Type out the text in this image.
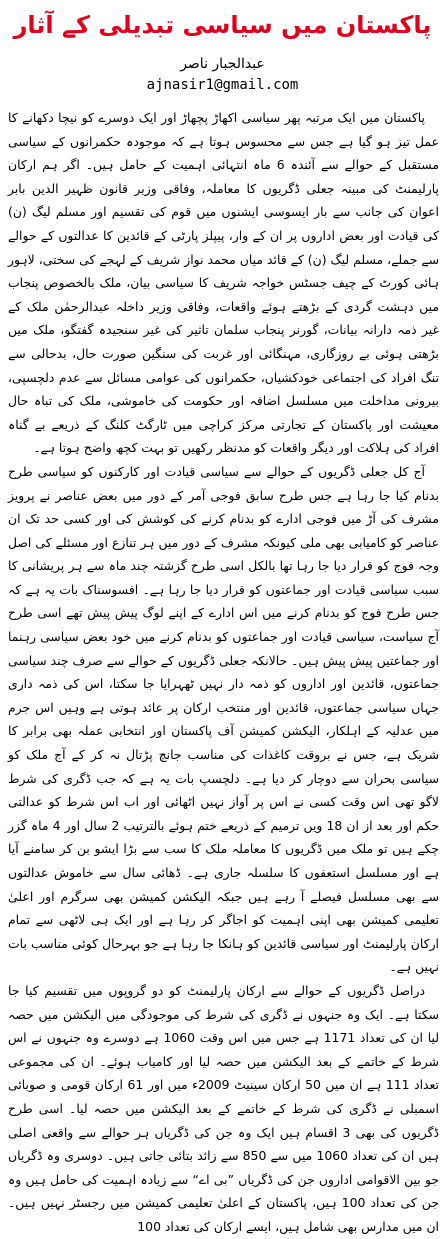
پاکستان میں سیاسی تبدیلی کے آثار
عبدالجبار ناصر
ajnasir1@gmail.com

پاکستان میں ایک مرتبہ پھر سیاسی اکھاڑ پچھاڑ اور ایک دوسرے کو نیچا دکھانے کا عمل تیز ہو گیا ہے جس سے محسوس ہوتا ہے کہ موجودہ حکمرانوں کے سیاسی مستقبل کے حوالے سے آئندہ 6 ماہ انتہائی اہمیت کے حامل ہیں۔ اگر ہم ارکان پارلیمنٹ کی مبینہ جعلی ڈگریوں کا معاملہ، وفاقی وزیر قانون ظہیر الدین بابر اعوان کی جانب سے بار ایسوسی ایشنوں میں قوم کی تقسیم اور مسلم لیگ (ن) کی قیادت اور بعض اداروں پر ان کے وار، پیپلز پارٹی کے قائدین کا عدالتوں کے حوالے سے جملے، مسلم لیگ (ن) کے قائد میاں محمد نواز شریف کے لہجے کی سختی، لاہور ہائی کورٹ کے چیف جسٹس خواجہ شریف کا سیاسی بیان، ملک بالخصوص پنجاب میں دہشت گردی کے بڑھتے ہوئے واقعات، وفاقی وزیر داخلہ عبدالرحمٰن ملک کے غیر ذمہ دارانہ بیانات، گورنر پنجاب سلمان تاثیر کی غیر سنجیدہ گفتگو، ملک میں بڑھتی ہوئی بے روزگاری، مہنگائی اور غربت کی سنگین صورت حال، بدحالی سے تنگ افراد کی اجتماعی خودکشیاں، حکمرانوں کی عوامی مسائل سے عدم دلچسپی، بیرونی مداخلت میں مسلسل اضافہ اور حکومت کی خاموشی، ملک کی تباہ حال معیشت اور پاکستان کے تجارتی مرکز کراچی میں ٹارگٹ کلنگ کے ذریعے بے گناہ افراد کی ہلاکت اور دیگر واقعات کو مدنظر رکھیں تو بہت کچھ واضح ہوتا ہے۔

آج کل جعلی ڈگریوں کے حوالے سے سیاسی قیادت اور کارکنوں کو سیاسی طرح بدنام کیا جا رہا ہے جس طرح سابق فوجی آمر کے دور میں بعض عناصر نے پرویز مشرف کی آڑ میں فوجی ادارے کو بدنام کرنے کی کوشش کی اور کسی حد تک ان عناصر کو کامیابی بھی ملی کیونکہ مشرف کے دور میں ہر تنازع اور مسئلے کی اصل وجہ فوج کو قرار دیا جا رہا تھا بالکل اسی طرح گزشتہ چند ماہ سے ہر پریشانی کا سبب سیاسی قیادت اور جماعتوں کو قرار دیا جا رہا ہے۔ افسوسناک بات یہ ہے کہ جس طرح فوج کو بدنام کرنے میں اس ادارے کے اپنے لوگ پیش پیش تھے اسی طرح آج سیاست، سیاسی قیادت اور جماعتوں کو بدنام کرنے میں خود بعض سیاسی رہنما اور جماعتیں پیش پیش ہیں۔ حالانکہ جعلی ڈگریوں کے حوالے سے صرف چند سیاسی جماعتوں، قائدین اور اداروں کو ذمہ دار نہیں ٹھہرایا جا سکتا، اس کی ذمہ داری جہاں سیاسی جماعتوں، قائدین اور منتخب ارکان پر عائد ہوتی ہے وہیں اس جرم میں عدلیہ کے اہلکار، الیکشن کمیشن آف پاکستان اور انتخابی عملہ بھی برابر کا شریک ہے، جس نے بروقت کاغذات کی مناسب جانچ پڑتال نہ کر کے آج ملک کو سیاسی بحران سے دوچار کر دیا ہے۔ دلچسپ بات یہ ہے کہ جب ڈگری کی شرط لاگو تھی اس وقت کسی نے اس پر آواز نہیں اٹھائی اور اب اس شرط کو عدالتی حکم اور بعد از ان 18 ویں ترمیم کے ذریعے ختم ہوئے بالترتیب 2 سال اور 4 ماہ گزر چکے ہیں تو ملک میں ڈگریوں کا معاملہ ملک کا سب سے بڑا ایشو بن کر سامنے آیا ہے اور مسلسل استعفوں کا سلسلہ جاری ہے۔ ڈھائی سال سے خاموش عدالتوں سے بھی مسلسل فیصلے آ رہے ہیں جبکہ الیکشن کمیشن بھی سرگرم اور اعلیٰ تعلیمی کمیشن بھی اپنی اہمیت کو اجاگر کر رہا ہے اور ایک ہی لاٹھی سے تمام ارکان پارلیمنٹ اور سیاسی قائدین کو ہانکا جا رہا ہے جو بہرحال کوئی مناسب بات نہیں ہے۔

دراصل ڈگریوں کے حوالے سے ارکان پارلیمنٹ کو دو گروپوں میں تقسیم کیا جا سکتا ہے۔ ایک وہ جنہوں نے ڈگری کی شرط کی موجودگی میں الیکشن میں حصہ لیا ان کی تعداد 1171 ہے جس میں اس وقت 1060 ہے دوسرے وہ جنہوں نے اس شرط کے خاتمے کے بعد الیکشن میں حصہ لیا اور کامیاب ہوئے۔ ان کی مجموعی تعداد 111 ہے ان میں 50 ارکان سینیٹ 2009ء میں اور 61 ارکان قومی و صوبائی اسمبلی نے ڈگری کی شرط کے خاتمے کے بعد الیکشن میں حصہ لیا۔ اسی طرح ڈگریوں کی بھی 3 اقسام ہیں ایک وہ جن کی ڈگریاں ہر حوالے سے واقعی اصلی ہیں ان کی تعداد 1060 میں سے 850 سے زائد بتائی جاتی ہیں۔ دوسری وہ ڈگریاں جو بین الاقوامی اداروں جن کی ڈگریاں ”بی اے“ سے زیادہ اہمیت کی حامل ہیں وہ جن کی تعداد 100 ہیں، پاکستان کے اعلیٰ تعلیمی کمیشن میں رجسٹر نہیں ہیں۔ ان میں مدارس بھی شامل ہیں، ایسے ارکان کی تعداد 100
